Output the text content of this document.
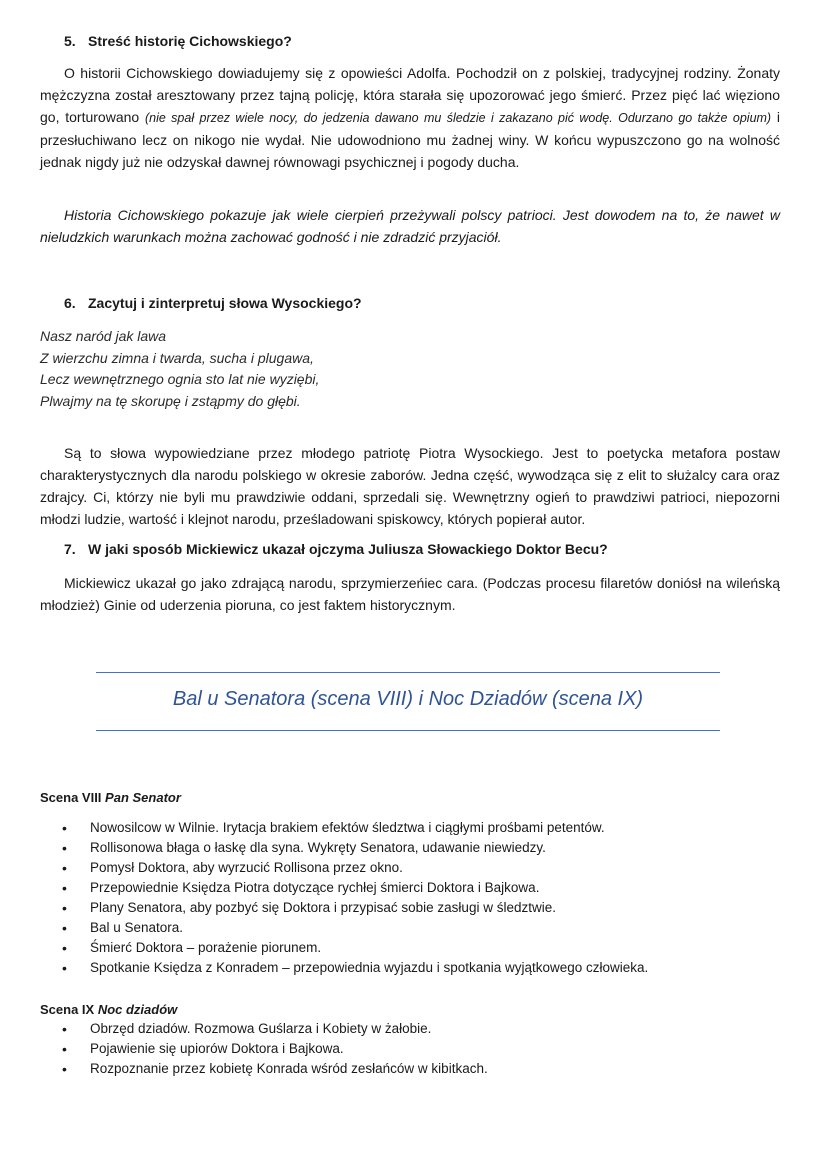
5. Streść historię Cichowskiego?

O historii Cichowskiego dowiadujemy się z opowieści Adolfa. Pochodził on z polskiej, tradycyjnej rodziny. Żonaty mężczyzna został aresztowany przez tajną policję, która starała się upozorować jego śmierć. Przez pięć lać więziono go, torturowano (nie spał przez wiele nocy, do jedzenia dawano mu śledzie i zakazano pić wodę. Odurzano go także opium) i przesłuchiwano lecz on nikogo nie wydał. Nie udowodniono mu żadnej winy. W końcu wypuszczono go na wolność jednak nigdy już nie odzyskał dawnej równowagi psychicznej i pogody ducha.

Historia Cichowskiego pokazuje jak wiele cierpień przeżywali polscy patrioci. Jest dowodem na to, że nawet w nieludzkich warunkach można zachować godność i nie zdradzić przyjaciół.

6. Zacytuj i zinterpretuj słowa Wysockiego?
Nasz naród jak lawa
Z wierzchu zimna i twarda, sucha i plugawa,
Lecz wewnętrznego ognia sto lat nie wyziębi,
Plwajmy na tę skorupę i zstąpmy do głębi.

Są to słowa wypowiedziane przez młodego patriotę Piotra Wysockiego. Jest to poetycka metafora postaw charakterystycznych dla narodu polskiego w okresie zaborów. Jedna część, wywodząca się z elit to służalcy cara oraz zdrajcy. Ci, którzy nie byli mu prawdziwie oddani, sprzedali się. Wewnętrzny ogień to prawdziwi patrioci, niepozorni młodzi ludzie, wartość i klejnot narodu, prześladowani spiskowcy, których popierał autor.

7. W jaki sposób Mickiewicz ukazał ojczyma Juliusza Słowackiego Doktor Becu?

Mickiewicz ukazał go jako zdrającą narodu, sprzymierzeńiec cara. (Podczas procesu filaretów doniósł na wileńską młodzież) Ginie od uderzenia pioruna, co jest faktem historycznym.

Bal u Senatora (scena VIII) i Noc Dziadów (scena IX)
Scena VIII Pan Senator
• Nowosilcow w Wilnie. Irytacja brakiem efektów śledztwa i ciągłymi prośbami petentów.
• Rollisonowa błaga o łaskę dla syna. Wykręty Senatora, udawanie niewiedzy.
• Pomysł Doktora, aby wyrzucić Rollisona przez okno.
• Przepowiednie Księdza Piotra dotyczące rychłej śmierci Doktora i Bajkowa.
• Plany Senatora, aby pozbyć się Doktora i przypisać sobie zasługi w śledztwie.
• Bal u Senatora.
• Śmierć Doktora – porażenie piorunem.
• Spotkanie Księdza z Konradem – przepowiednia wyjazdu i spotkania wyjątkowego człowieka.
Scena IX Noc dziadów
• Obrzęd dziadów. Rozmowa Guślarza i Kobiety w żałobie.
• Pojawienie się upiorów Doktora i Bajkowa.
• Rozpoznanie przez kobietę Konrada wśród zesłańców w kibitkach.
